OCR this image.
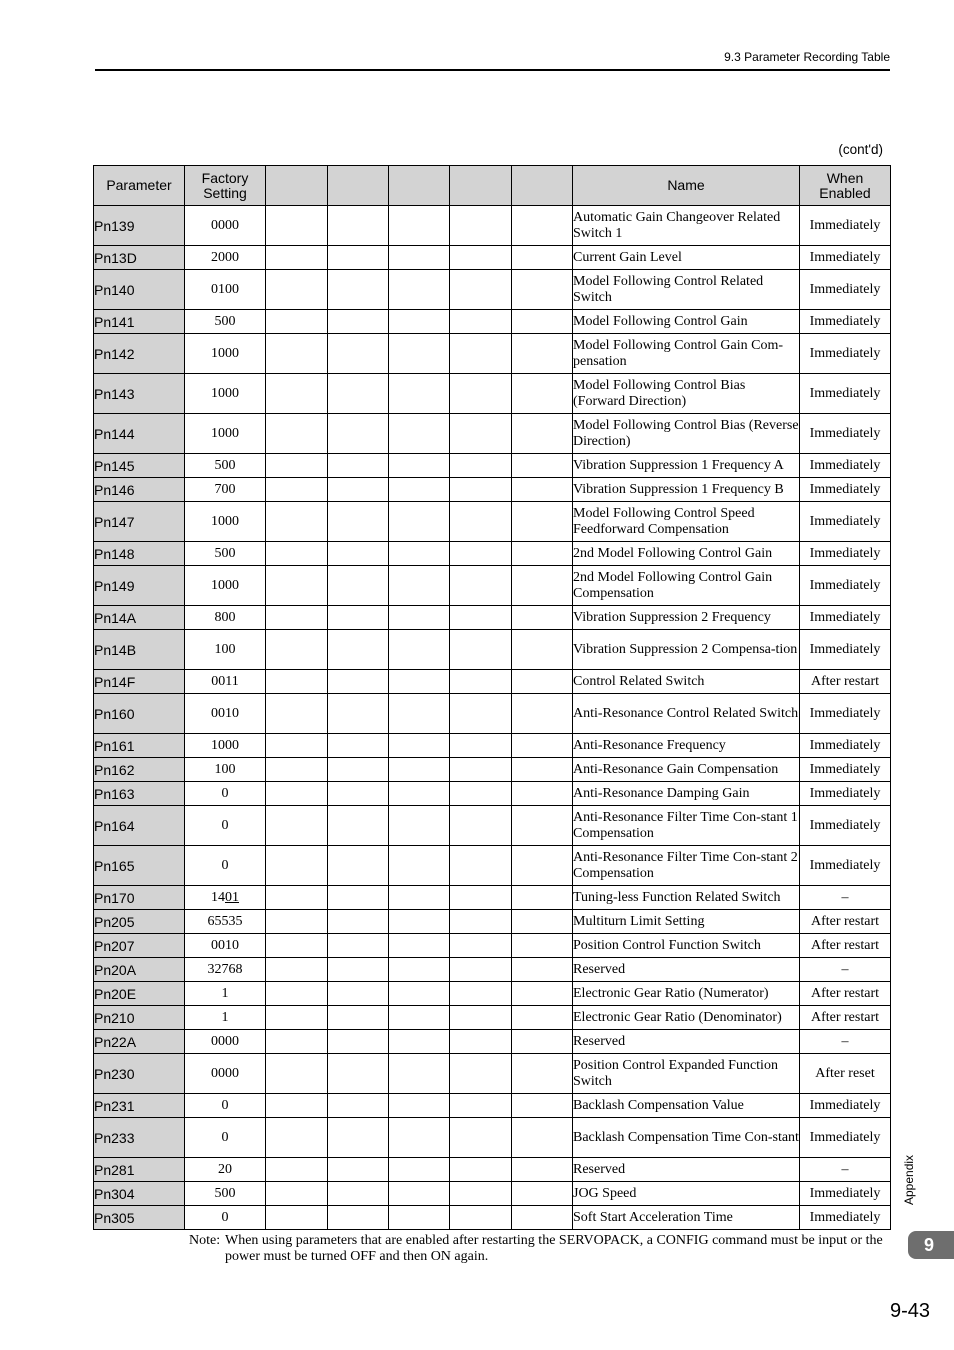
9.3 Parameter Recording Table
(cont'd)
Parameter	Factory Setting						Name	When Enabled
Pn139	0000						Automatic Gain Changeover Related Switch 1	Immediately
Pn13D	2000						Current Gain Level	Immediately
Pn140	0100						Model Following Control Related Switch	Immediately
Pn141	500						Model Following Control Gain	Immediately
Pn142	1000						Model Following Control Gain Com-pensation	Immediately
Pn143	1000						Model Following Control Bias (Forward Direction)	Immediately
Pn144	1000						Model Following Control Bias (Reverse Direction)	Immediately
Pn145	500						Vibration Suppression 1 Frequency A	Immediately
Pn146	700						Vibration Suppression 1 Frequency B	Immediately
Pn147	1000						Model Following Control Speed Feedforward Compensation	Immediately
Pn148	500						2nd Model Following Control Gain	Immediately
Pn149	1000						2nd Model Following Control Gain Compensation	Immediately
Pn14A	800						Vibration Suppression 2 Frequency	Immediately
Pn14B	100						Vibration Suppression 2 Compensa-tion	Immediately
Pn14F	0011						Control Related Switch	After restart
Pn160	0010						Anti-Resonance Control Related Switch	Immediately
Pn161	1000						Anti-Resonance Frequency	Immediately
Pn162	100						Anti-Resonance Gain Compensation	Immediately
Pn163	0						Anti-Resonance Damping Gain	Immediately
Pn164	0						Anti-Resonance Filter Time Con-stant 1 Compensation	Immediately
Pn165	0						Anti-Resonance Filter Time Con-stant 2 Compensation	Immediately
Pn170	1401						Tuning-less Function Related Switch	–
Pn205	65535						Multiturn Limit Setting	After restart
Pn207	0010						Position Control Function Switch	After restart
Pn20A	32768						Reserved	–
Pn20E	1						Electronic Gear Ratio (Numerator)	After restart
Pn210	1						Electronic Gear Ratio (Denominator)	After restart
Pn22A	0000						Reserved	–
Pn230	0000						Position Control Expanded Function Switch	After reset
Pn231	0						Backlash Compensation Value	Immediately
Pn233	0						Backlash Compensation Time Con-stant	Immediately
Pn281	20						Reserved	–
Pn304	500						JOG Speed	Immediately
Pn305	0						Soft Start Acceleration Time	Immediately
Note: When using parameters that are enabled after restarting the SERVOPACK, a CONFIG command must be input or the power must be turned OFF and then ON again.
Appendix
9
9-43
